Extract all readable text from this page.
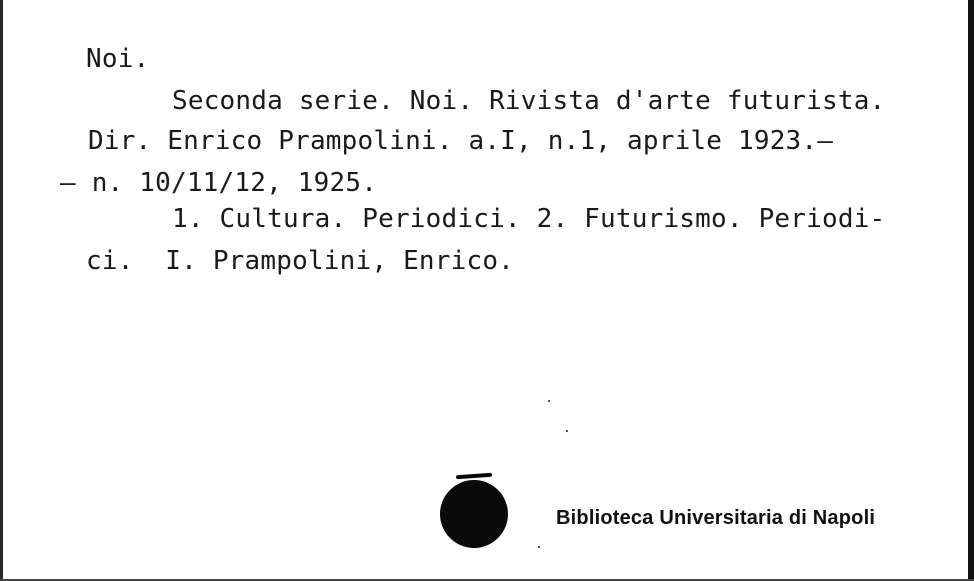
Noi.
Seconda serie. Noi. Rivista d'arte futurista.
Dir. Enrico Prampolini. a.I, n.1, aprile 1923.—
– n. 10/11/12, 1925.
1. Cultura. Periodici. 2. Futurismo. Periodi-
ci.  I. Prampolini, Enrico.
Biblioteca Universitaria di Napoli
